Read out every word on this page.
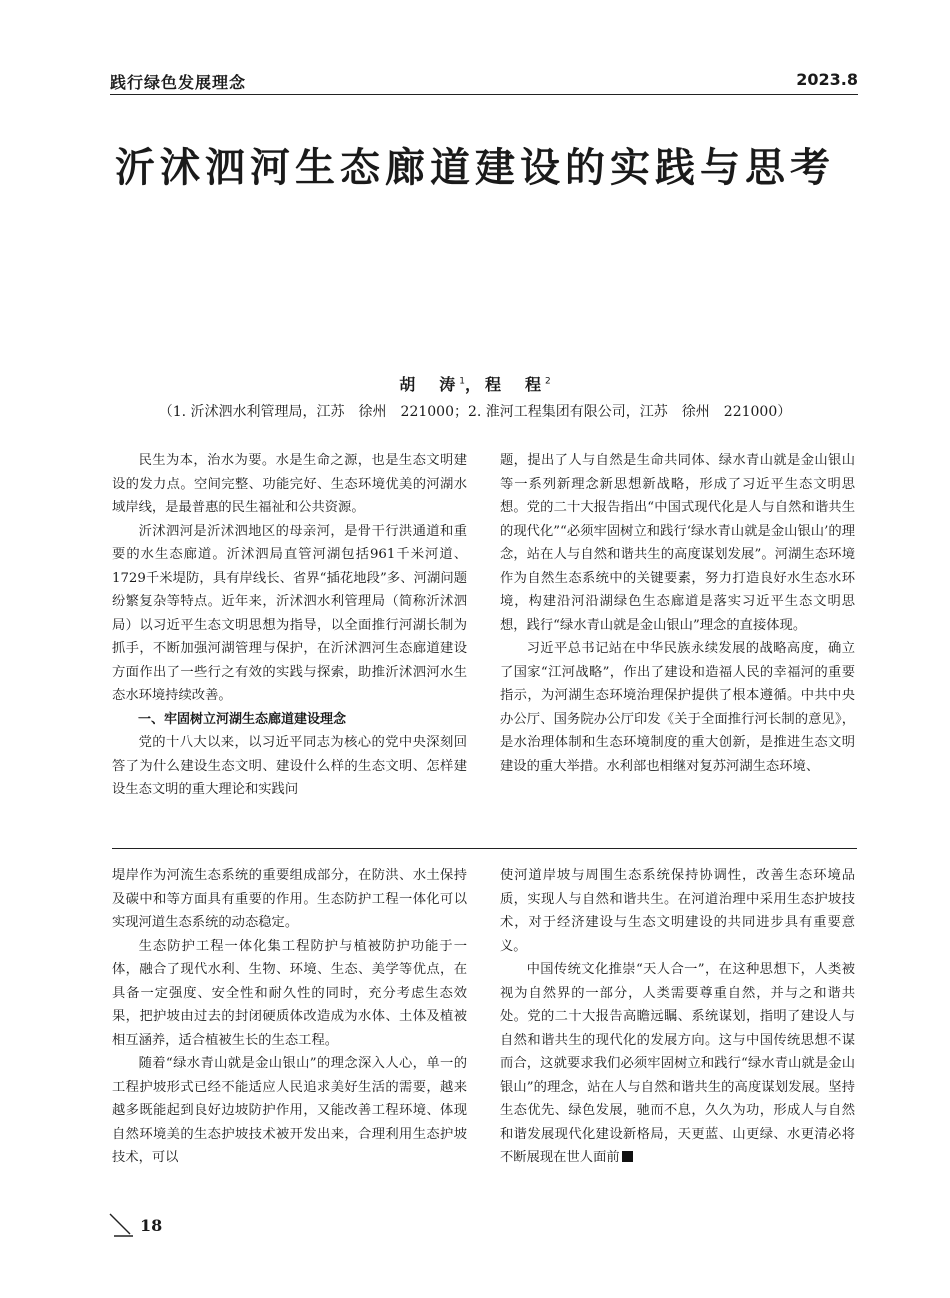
践行绿色发展理念	2023.8
沂沭泗河生态廊道建设的实践与思考
胡　涛$^1$，程　程$^2$
（1. 沂沭泗水利管理局，江苏　徐州　221000；2. 淮河工程集团有限公司，江苏　徐州　221000）

民生为本，治水为要。水是生命之源，也是生态文明建设的发力点。空间完整、功能完好、生态环境优美的河湖水域岸线，是最普惠的民生福祉和公共资源。

沂沭泗河是沂沭泗地区的母亲河，是骨干行洪通道和重要的水生态廊道。沂沭泗局直管河湖包括961千米河道、1729千米堤防，具有岸线长、省界“插花地段”多、河湖问题纷繁复杂等特点。近年来，沂沭泗水利管理局（简称沂沭泗局）以习近平生态文明思想为指导，以全面推行河湖长制为抓手，不断加强河湖管理与保护，在沂沭泗河生态廊道建设方面作出了一些行之有效的实践与探索，助推沂沭泗河水生态水环境持续改善。

一、牢固树立河湖生态廊道建设理念

党的十八大以来，以习近平同志为核心的党中央深刻回答了为什么建设生态文明、建设什么样的生态文明、怎样建设生态文明的重大理论和实践问

题，提出了人与自然是生命共同体、绿水青山就是金山银山等一系列新理念新思想新战略，形成了习近平生态文明思想。党的二十大报告指出“中国式现代化是人与自然和谐共生的现代化”“必须牢固树立和践行‘绿水青山就是金山银山’的理念，站在人与自然和谐共生的高度谋划发展”。河湖生态环境作为自然生态系统中的关键要素，努力打造良好水生态水环境，构建沿河沿湖绿色生态廊道是落实习近平生态文明思想，践行“绿水青山就是金山银山”理念的直接体现。

习近平总书记站在中华民族永续发展的战略高度，确立了国家“江河战略”，作出了建设和造福人民的幸福河的重要指示，为河湖生态环境治理保护提供了根本遵循。中共中央办公厅、国务院办公厅印发《关于全面推行河长制的意见》，是水治理体制和生态环境制度的重大创新，是推进生态文明建设的重大举措。水利部也相继对复苏河湖生态环境、

堤岸作为河流生态系统的重要组成部分，在防洪、水土保持及碳中和等方面具有重要的作用。生态防护工程一体化可以实现河道生态系统的动态稳定。

生态防护工程一体化集工程防护与植被防护功能于一体，融合了现代水利、生物、环境、生态、美学等优点，在具备一定强度、安全性和耐久性的同时，充分考虑生态效果，把护坡由过去的封闭硬质体改造成为水体、土体及植被相互涵养，适合植被生长的生态工程。

随着“绿水青山就是金山银山”的理念深入人心，单一的工程护坡形式已经不能适应人民追求美好生活的需要，越来越多既能起到良好边坡防护作用，又能改善工程环境、体现自然环境美的生态护坡技术被开发出来，合理利用生态护坡技术，可以

使河道岸坡与周围生态系统保持协调性，改善生态环境品质，实现人与自然和谐共生。在河道治理中采用生态护坡技术，对于经济建设与生态文明建设的共同进步具有重要意义。

中国传统文化推崇“天人合一”，在这种思想下，人类被视为自然界的一部分，人类需要尊重自然，并与之和谐共处。党的二十大报告高瞻远瞩、系统谋划，指明了建设人与自然和谐共生的现代化的发展方向。这与中国传统思想不谋而合，这就要求我们必须牢固树立和践行“绿水青山就是金山银山”的理念，站在人与自然和谐共生的高度谋划发展。坚持生态优先、绿色发展，驰而不息，久久为功，形成人与自然和谐发展现代化建设新格局，天更蓝、山更绿、水更清必将不断展现在世人面前

18
